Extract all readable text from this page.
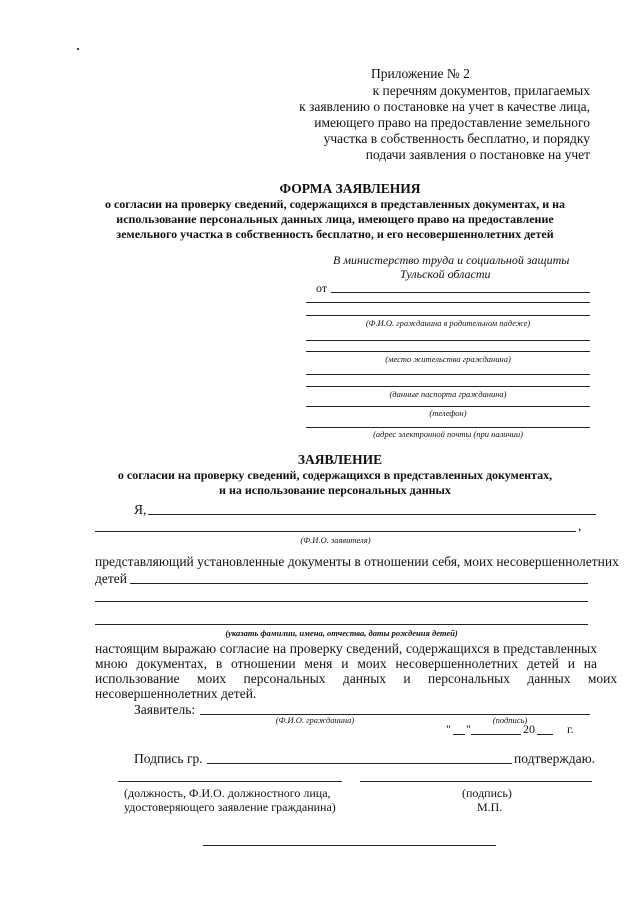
Приложение № 2
к перечням документов, прилагаемых
к заявлению о постановке на учет в качестве лица,
имеющего право на предоставление земельного
участка в собственность бесплатно, и порядку
подачи заявления о постановке на учет
ФОРМА ЗАЯВЛЕНИЯ
о согласии на проверку сведений, содержащихся в представленных документах, и на
использование персональных данных лица, имеющего право на предоставление
земельного участка в собственность бесплатно, и его несовершеннолетних детей
В министерство труда и социальной защиты
Тульской области
от
(Ф.И.О. гражданина в родительном падеже)
(место жительства гражданина)
(данные паспорта гражданина)
(телефон)
(адрес электронной почты (при наличии)
ЗАЯВЛЕНИЕ
о согласии на проверку сведений, содержащихся в представленных документах,
и на использование персональных данных
Я,
,
(Ф.И.О. заявителя)
представляющий установленные документы в отношении себя, моих несовершеннолетних
детей
(указать фамилии, имена, отчества, даты рождения детей)
настоящим выражаю согласие на проверку сведений, содержащихся в представленных
мною документах, в отношении меня и моих несовершеннолетних детей и на
использование моих персональных данных и персональных данных моих
несовершеннолетних детей.
Заявитель:
(Ф.И.О. гражданина)	(подпись)
" "	20	г.
Подпись гр.	подтверждаю.
(должность, Ф.И.О. должностного лица,
удостоверяющего заявление гражданина)
(подпись)
М.П.
